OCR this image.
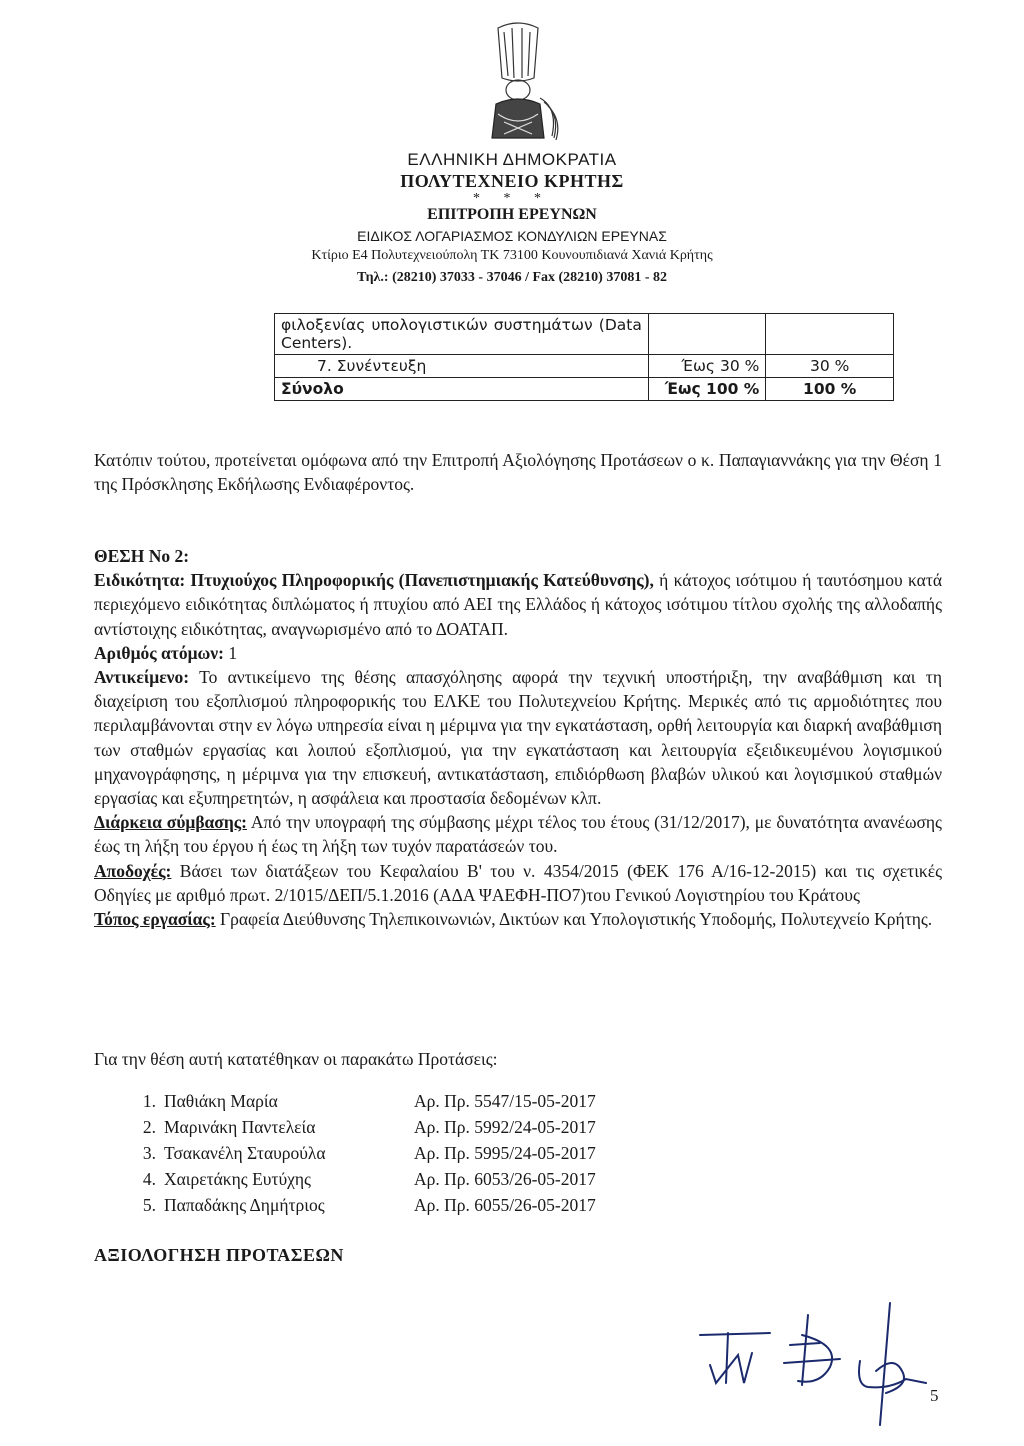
ΕΛΛΗΝΙΚΗ ΔΗΜΟΚΡΑΤΙΑ
ΠΟΛΥΤΕΧΝΕΙΟ ΚΡΗΤΗΣ
* * *
ΕΠΙΤΡΟΠΗ ΕΡΕΥΝΩΝ
ΕΙΔΙΚΟΣ ΛΟΓΑΡΙΑΣΜΟΣ ΚΟΝΔΥΛΙΩΝ ΕΡΕΥΝΑΣ
Κτίριο Ε4 Πολυτεχνειούπολη ΤΚ 73100 Κουνουπιδιανά Χανιά Κρήτης
Τηλ.: (28210) 37033 - 37046 / Fax (28210) 37081 - 82
φιλοξενίας υπολογιστικών συστημάτων (Data Centers).		
7. Συνέντευξη	Έως 30 %	30 %
Σύνολο	Έως 100 %	100 %

Κατόπιν τούτου, προτείνεται ομόφωνα από την Επιτροπή Αξιολόγησης Προτάσεων ο κ. Παπαγιαννάκης για την Θέση 1 της Πρόσκλησης Εκδήλωσης Ενδιαφέροντος.

ΘΕΣΗ Νο 2:

Ειδικότητα: Πτυχιούχος Πληροφορικής (Πανεπιστημιακής Κατεύθυνσης), ή κάτοχος ισότιμου ή ταυτόσημου κατά περιεχόμενο ειδικότητας διπλώματος ή πτυχίου από ΑΕΙ της Ελλάδος ή κάτοχος ισότιμου τίτλου σχολής της αλλοδαπής αντίστοιχης ειδικότητας, αναγνωρισμένο από το ΔΟΑΤΑΠ.

Αριθμός ατόμων: 1

Αντικείμενο: Το αντικείμενο της θέσης απασχόλησης αφορά την τεχνική υποστήριξη, την αναβάθμιση και τη διαχείριση του εξοπλισμού πληροφορικής του ΕΛΚΕ του Πολυτεχνείου Κρήτης. Μερικές από τις αρμοδιότητες που περιλαμβάνονται στην εν λόγω υπηρεσία είναι η μέριμνα για την εγκατάσταση, ορθή λειτουργία και διαρκή αναβάθμιση των σταθμών εργασίας και λοιπού εξοπλισμού, για την εγκατάσταση και λειτουργία εξειδικευμένου λογισμικού μηχανογράφησης, η μέριμνα για την επισκευή, αντικατάσταση, επιδιόρθωση βλαβών υλικού και λογισμικού σταθμών εργασίας και εξυπηρετητών, η ασφάλεια και προστασία δεδομένων κλπ.

Διάρκεια σύμβασης: Από την υπογραφή της σύμβασης μέχρι τέλος του έτους (31/12/2017), με δυνατότητα ανανέωσης έως τη λήξη του έργου ή έως τη λήξη των τυχόν παρατάσεών του.

Αποδοχές: Βάσει των διατάξεων του Κεφαλαίου Β' του ν. 4354/2015 (ΦΕΚ 176 Α/16-12-2015) και τις σχετικές Οδηγίες με αριθμό πρωτ. 2/1015/ΔΕΠ/5.1.2016 (ΑΔΑ ΨΑΕΦΗ-ΠΟ7)του Γενικού Λογιστηρίου του Κράτους

Τόπος εργασίας: Γραφεία Διεύθυνσης Τηλεπικοινωνιών, Δικτύων και Υπολογιστικής Υποδομής, Πολυτεχνείο Κρήτης.

Για την θέση αυτή κατατέθηκαν οι παρακάτω Προτάσεις:

1. Παθιάκη Μαρία	Αρ. Πρ. 5547/15-05-2017
2. Μαρινάκη Παντελεία	Αρ. Πρ. 5992/24-05-2017
3. Τσακανέλη Σταυρούλα	Αρ. Πρ. 5995/24-05-2017
4. Χαιρετάκης Ευτύχης	Αρ. Πρ. 6053/26-05-2017
5. Παπαδάκης Δημήτριος	Αρ. Πρ. 6055/26-05-2017
ΑΞΙΟΛΟΓΗΣΗ ΠΡΟΤΑΣΕΩΝ
5
